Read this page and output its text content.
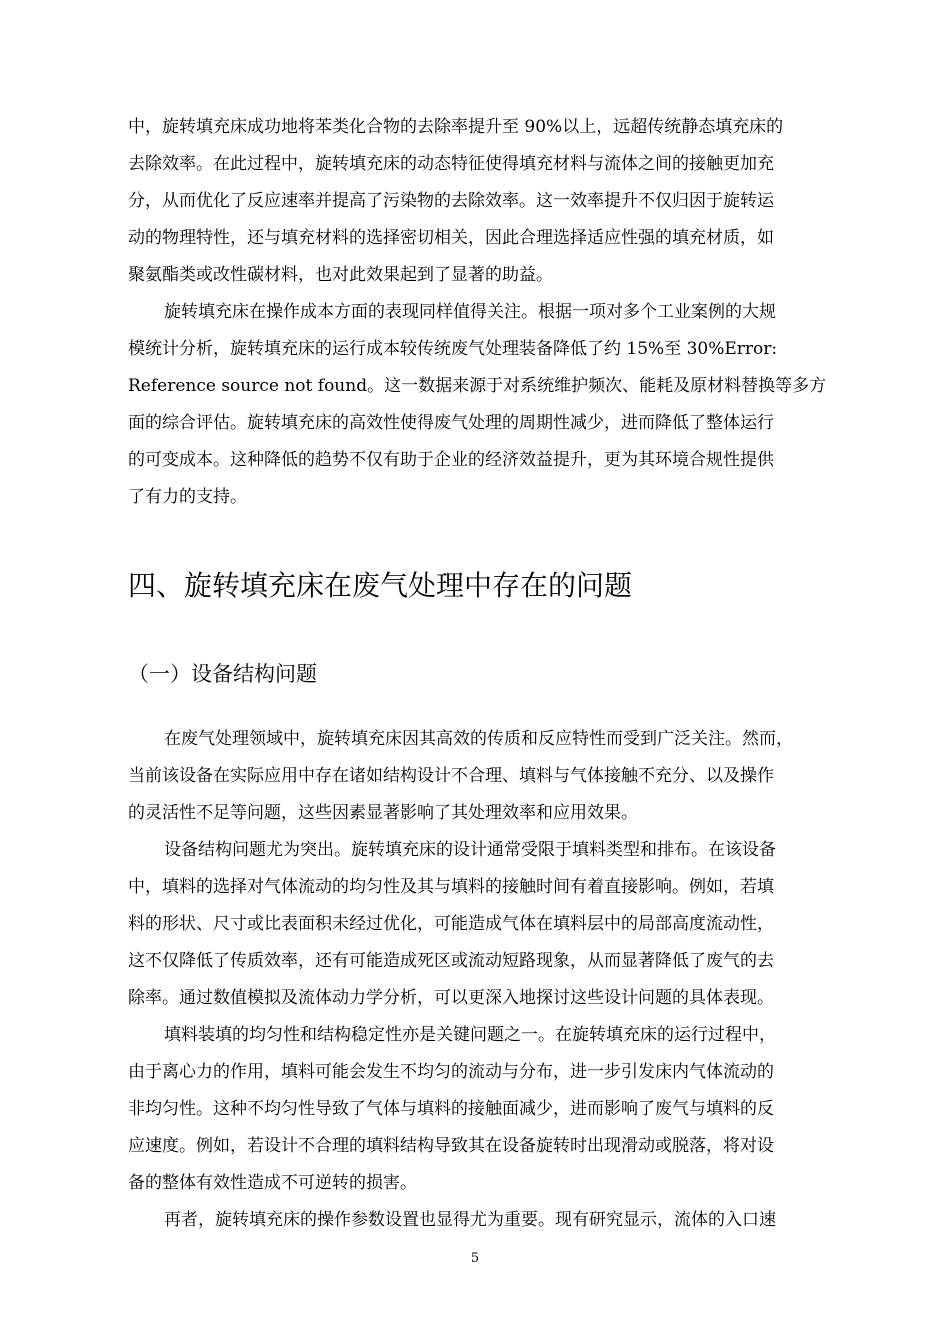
中，旋转填充床成功地将苯类化合物的去除率提升至 90%以上，远超传统静态填充床的
去除效率。在此过程中，旋转填充床的动态特征使得填充材料与流体之间的接触更加充
分，从而优化了反应速率并提高了污染物的去除效率。这一效率提升不仅归因于旋转运
动的物理特性，还与填充材料的选择密切相关，因此合理选择适应性强的填充材质，如
聚氨酯类或改性碳材料，也对此效果起到了显著的助益。
旋转填充床在操作成本方面的表现同样值得关注。根据一项对多个工业案例的大规
模统计分析，旋转填充床的运行成本较传统废气处理装备降低了约 15%至 30%Error:
Reference source not found。这一数据来源于对系统维护频次、能耗及原材料替换等多方
面的综合评估。旋转填充床的高效性使得废气处理的周期性减少，进而降低了整体运行
的可变成本。这种降低的趋势不仅有助于企业的经济效益提升，更为其环境合规性提供
了有力的支持。
四、旋转填充床在废气处理中存在的问题
（一）设备结构问题
在废气处理领域中，旋转填充床因其高效的传质和反应特性而受到广泛关注。然而，
当前该设备在实际应用中存在诸如结构设计不合理、填料与气体接触不充分、以及操作
的灵活性不足等问题，这些因素显著影响了其处理效率和应用效果。
设备结构问题尤为突出。旋转填充床的设计通常受限于填料类型和排布。在该设备
中，填料的选择对气体流动的均匀性及其与填料的接触时间有着直接影响。例如，若填
料的形状、尺寸或比表面积未经过优化，可能造成气体在填料层中的局部高度流动性，
这不仅降低了传质效率，还有可能造成死区或流动短路现象，从而显著降低了废气的去
除率。通过数值模拟及流体动力学分析，可以更深入地探讨这些设计问题的具体表现。
填料装填的均匀性和结构稳定性亦是关键问题之一。在旋转填充床的运行过程中，
由于离心力的作用，填料可能会发生不均匀的流动与分布，进一步引发床内气体流动的
非均匀性。这种不均匀性导致了气体与填料的接触面减少，进而影响了废气与填料的反
应速度。例如，若设计不合理的填料结构导致其在设备旋转时出现滑动或脱落，将对设
备的整体有效性造成不可逆转的损害。
再者，旋转填充床的操作参数设置也显得尤为重要。现有研究显示，流体的入口速
5
